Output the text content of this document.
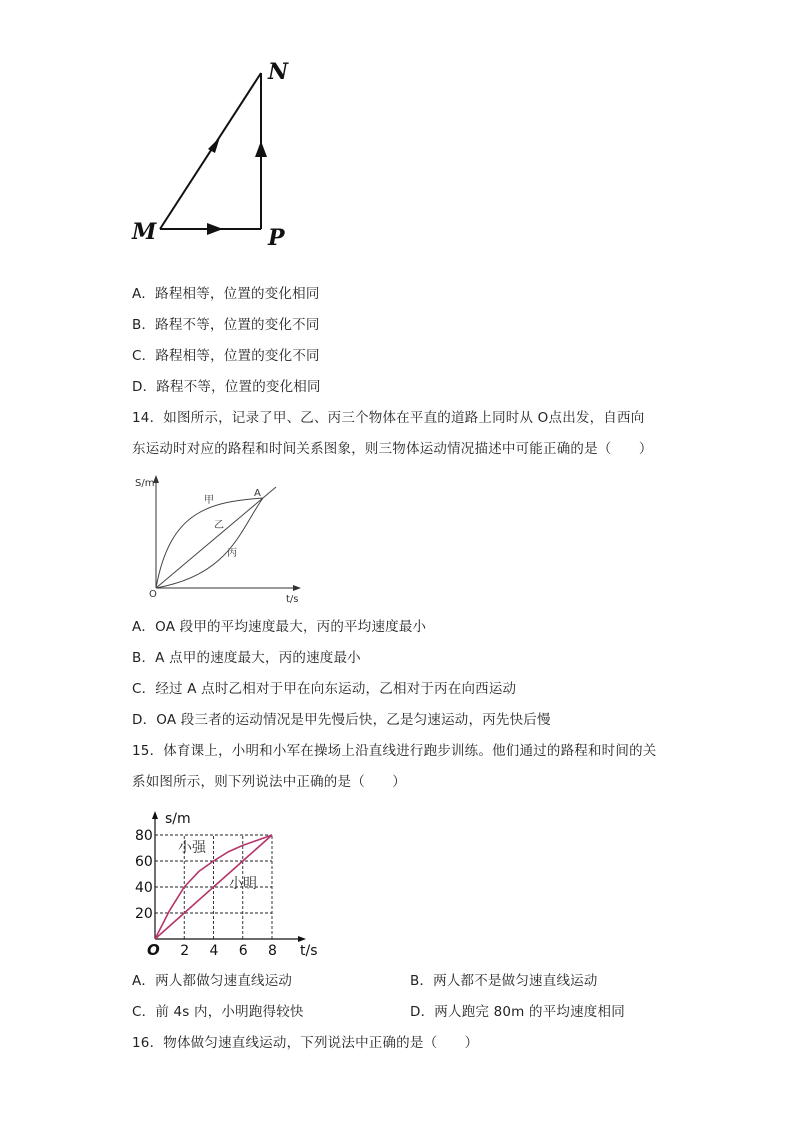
N
M	P
A．路程相等，位置的变化相同
B．路程不等，位置的变化不同
C．路程相等，位置的变化不同
D．路程不等，位置的变化相同
14．如图所示，记录了甲、乙、丙三个物体在平直的道路上同时从 O点出发，自西向
东运动时对应的路程和时间关系图象，则三物体运动情况描述中可能正确的是（　　）
S/m
t/s
O
A
甲
乙
丙
A．OA 段甲的平均速度最大，丙的平均速度最小
B．A 点甲的速度最大，丙的速度最小
C．经过 A 点时乙相对于甲在向东运动，乙相对于丙在向西运动
D．OA 段三者的运动情况是甲先慢后快，乙是匀速运动，丙先快后慢
15．体育课上，小明和小军在操场上沿直线进行跑步训练。他们通过的路程和时间的关
系如图所示，则下列说法中正确的是（　　）
2 4 6 8
20
40
60
80
O	t/s
s/m
小强
小明
A．两人都做匀速直线运动	B．两人都不是做匀速直线运动
C．前 4s 内，小明跑得较快	D．两人跑完 80m 的平均速度相同
16．物体做匀速直线运动，下列说法中正确的是（　　）
